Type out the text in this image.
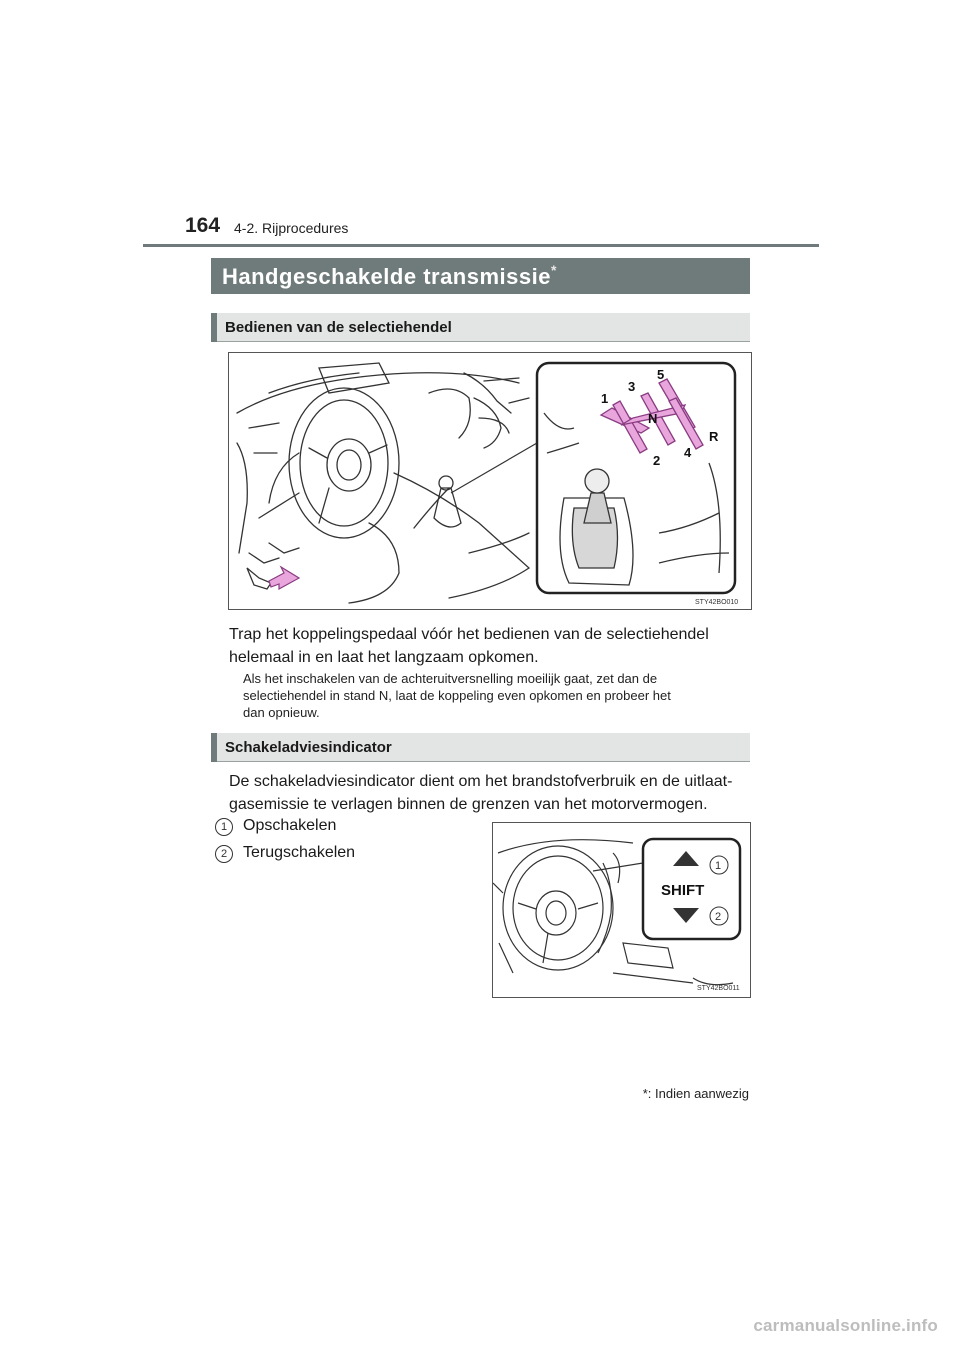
164 4-2. Rijprocedures
Handgeschakelde transmissie*
Bedienen van de selectiehendel
1
2
3
4
5
R
N
STY42BO010
Trap het koppelingspedaal vóór het bedienen van de selectiehendel
helemaal in en laat het langzaam opkomen.
Als het inschakelen van de achteruitversnelling moeilijk gaat, zet dan de
selectiehendel in stand N, laat de koppeling even opkomen en probeer het
dan opnieuw.
Schakeladviesindicator
De schakeladviesindicator dient om het brandstofverbruik en de uitlaat-
gasemissie te verlagen binnen de grenzen van het motorvermogen.
1 Opschakelen
2 Terugschakelen
SHIFT
1
2
STY42BO011
*: Indien aanwezig
carmanualsonline.info
